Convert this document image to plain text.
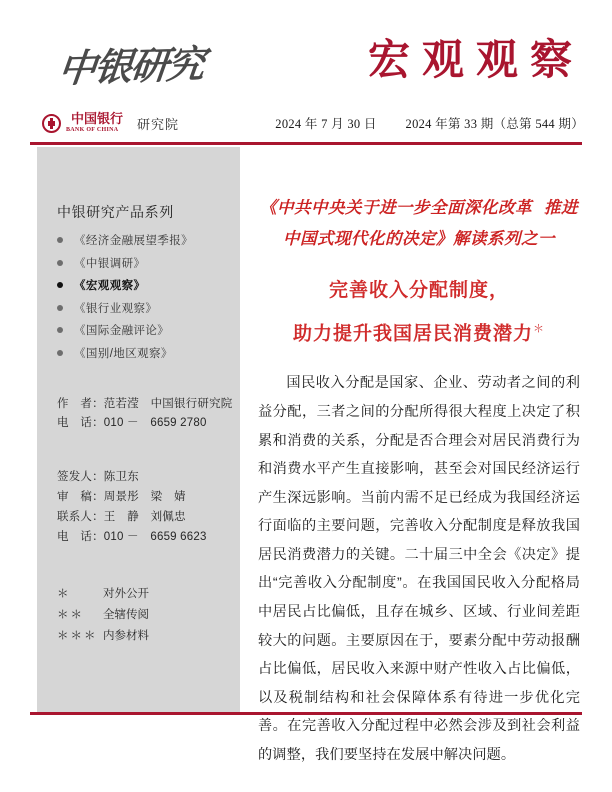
中银研究
中国银行
BANK OF CHINA	研究院
宏观观察
2024 年 7 月 30 日 2024 年第 33 期（总第 544 期）
中银研究产品系列
《经济金融展望季报》
《中银调研》
《宏观观察》
《银行业观察》
《国际金融评论》
《国别/地区观察》
作　者：范若滢　中国银行研究院
电　话：010 －　6659 2780
签发人：陈卫东
审　稿：周景彤　梁　婧
联系人：王　静　刘佩忠
电　话：010 －　6659 6623
＊	对外公开
＊＊	全辖传阅
＊＊＊ 内参材料
《中共中央关于进一步全面深化改革 推进
中国式现代化的决定》解读系列之一
完善收入分配制度，
助力提升我国居民消费潜力＊
国民收入分配是国家、企业、劳动者之间的利益分配，三者之间的分配所得很大程度上决定了积累和消费的关系，分配是否合理会对居民消费行为和消费水平产生直接影响，甚至会对国民经济运行产生深远影响。当前内需不足已经成为我国经济运行面临的主要问题，完善收入分配制度是释放我国居民消费潜力的关键。二十届三中全会《决定》提出“完善收入分配制度”。在我国国民收入分配格局中居民占比偏低，且存在城乡、区域、行业间差距较大的问题。主要原因在于，要素分配中劳动报酬占比偏低，居民收入来源中财产性收入占比偏低，以及税制结构和社会保障体系有待进一步优化完善。在完善收入分配过程中必然会涉及到社会利益的调整，我们要坚持在发展中解决问题。
